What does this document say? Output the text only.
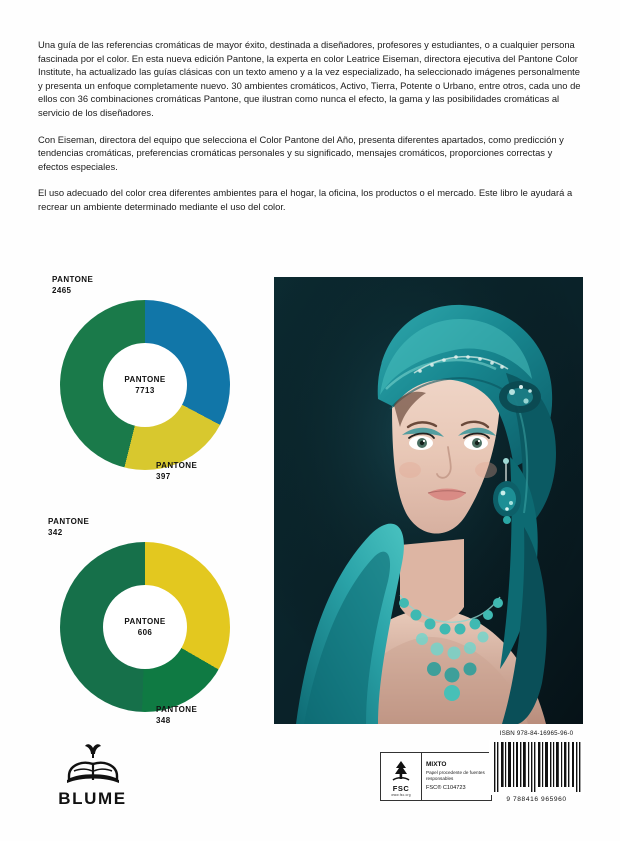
Una guía de las referencias cromáticas de mayor éxito, destinada a diseñadores, profesores y estudiantes, o a cualquier persona fascinada por el color. En esta nueva edición Pantone, la experta en color Leatrice Eiseman, directora ejecutiva del Pantone Color Institute, ha actualizado las guías clásicas con un texto ameno y a la vez especializado, ha seleccionado imágenes personalmente y presenta un enfoque completamente nuevo. 30 ambientes cromáticos, Activo, Tierra, Potente o Urbano, entre otros, cada uno de ellos con 36 combinaciones cromáticas Pantone, que ilustran como nunca el efecto, la gama y las posibilidades cromáticas al servicio de los diseñadores.

Con Eiseman, directora del equipo que selecciona el Color Pantone del Año, presenta diferentes apartados, como predicción y tendencias cromáticas, preferencias cromáticas personales y su significado, mensajes cromáticos, proporciones correctas y efectos especiales.

El uso adecuado del color crea diferentes ambientes para el hogar, la oficina, los productos o el mercado. Este libro le ayudará a recrear un ambiente determinado mediante el uso del color.

PANTONE
2465
PANTONE
7713
PANTONE
397
PANTONE
342
PANTONE
606
PANTONE
348
BLUME
FSC
www.fsc.org
MIXTO
Papel procedente de fuentes responsables
FSC® C104723
ISBN 978-84-16965-96-0
9 788416 965960
